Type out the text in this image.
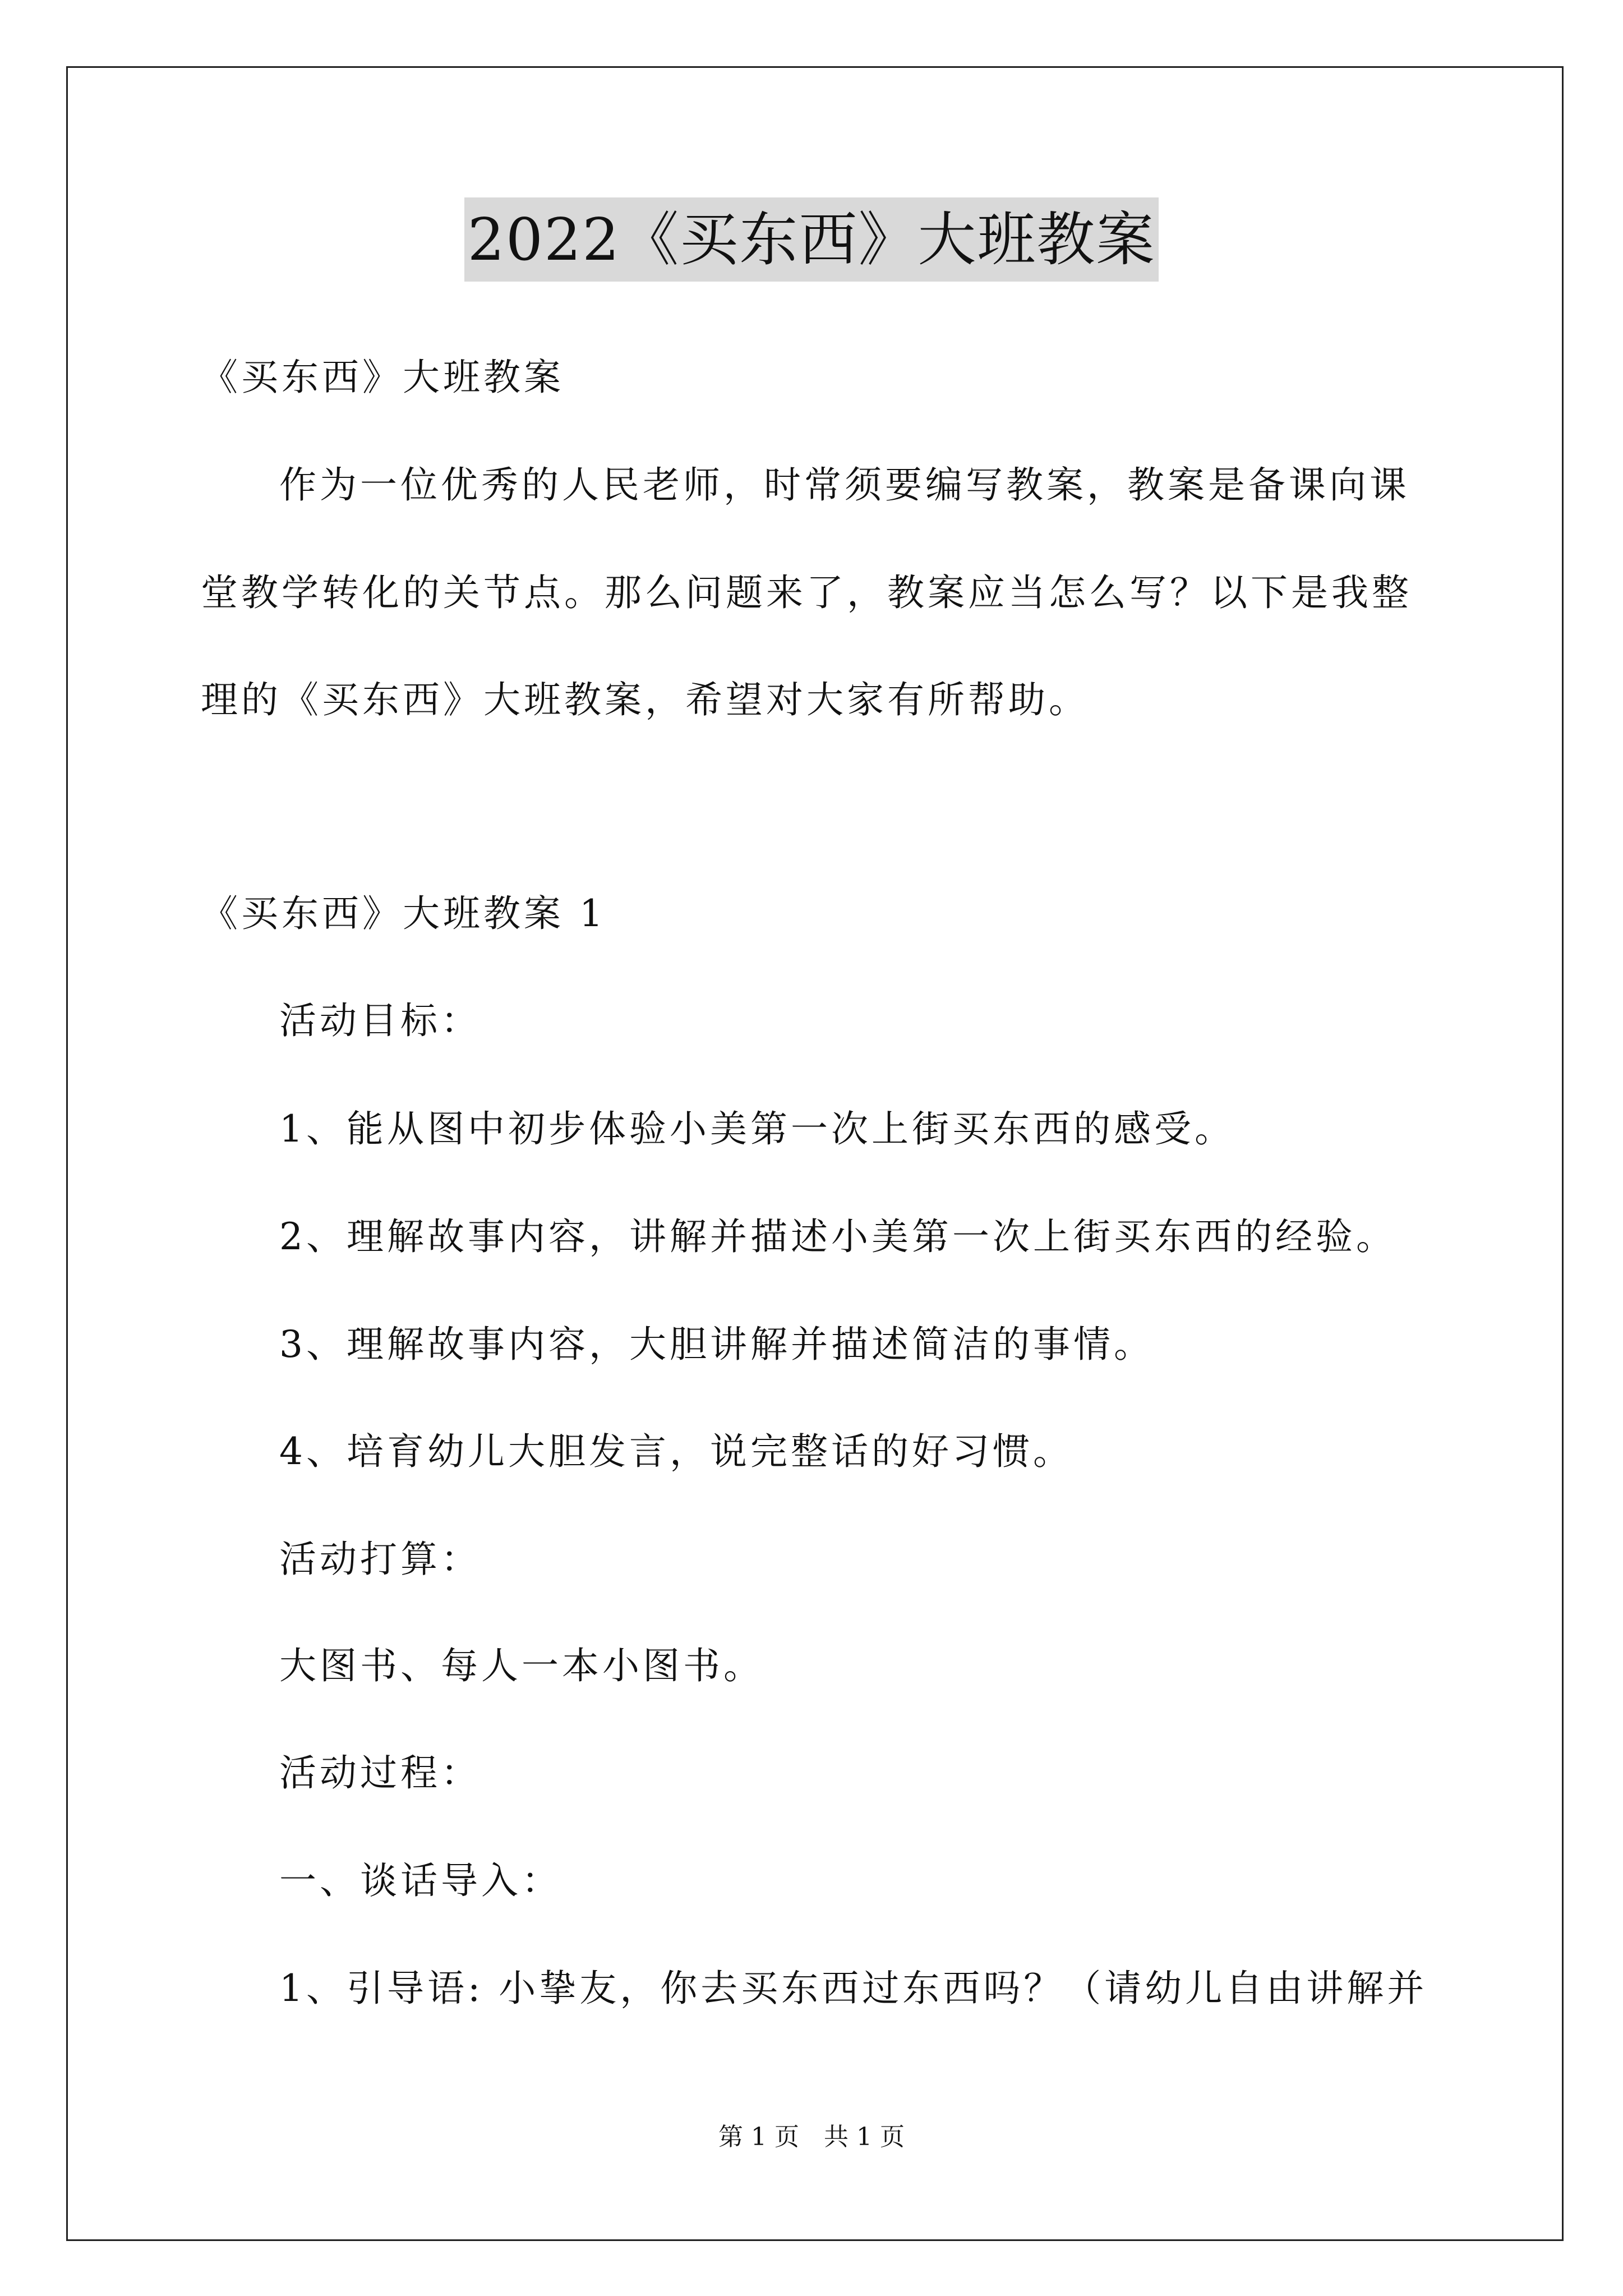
2022《买东西》大班教案
《买东西》大班教案
作为一位优秀的人民老师，时常须要编写教案，教案是备课向课
堂教学转化的关节点。那么问题来了，教案应当怎么写？以下是我整
理的《买东西》大班教案，希望对大家有所帮助。
《买东西》大班教案 1
活动目标：
1、能从图中初步体验小美第一次上街买东西的感受。
2、理解故事内容，讲解并描述小美第一次上街买东西的经验。
3、理解故事内容，大胆讲解并描述简洁的事情。
4、培育幼儿大胆发言，说完整话的好习惯。
活动打算：
大图书、每人一本小图书。
活动过程：
一、谈话导入：
1、引导语: 小挚友，你去买东西过东西吗？（请幼儿自由讲解并
第 1 页　共 1 页
